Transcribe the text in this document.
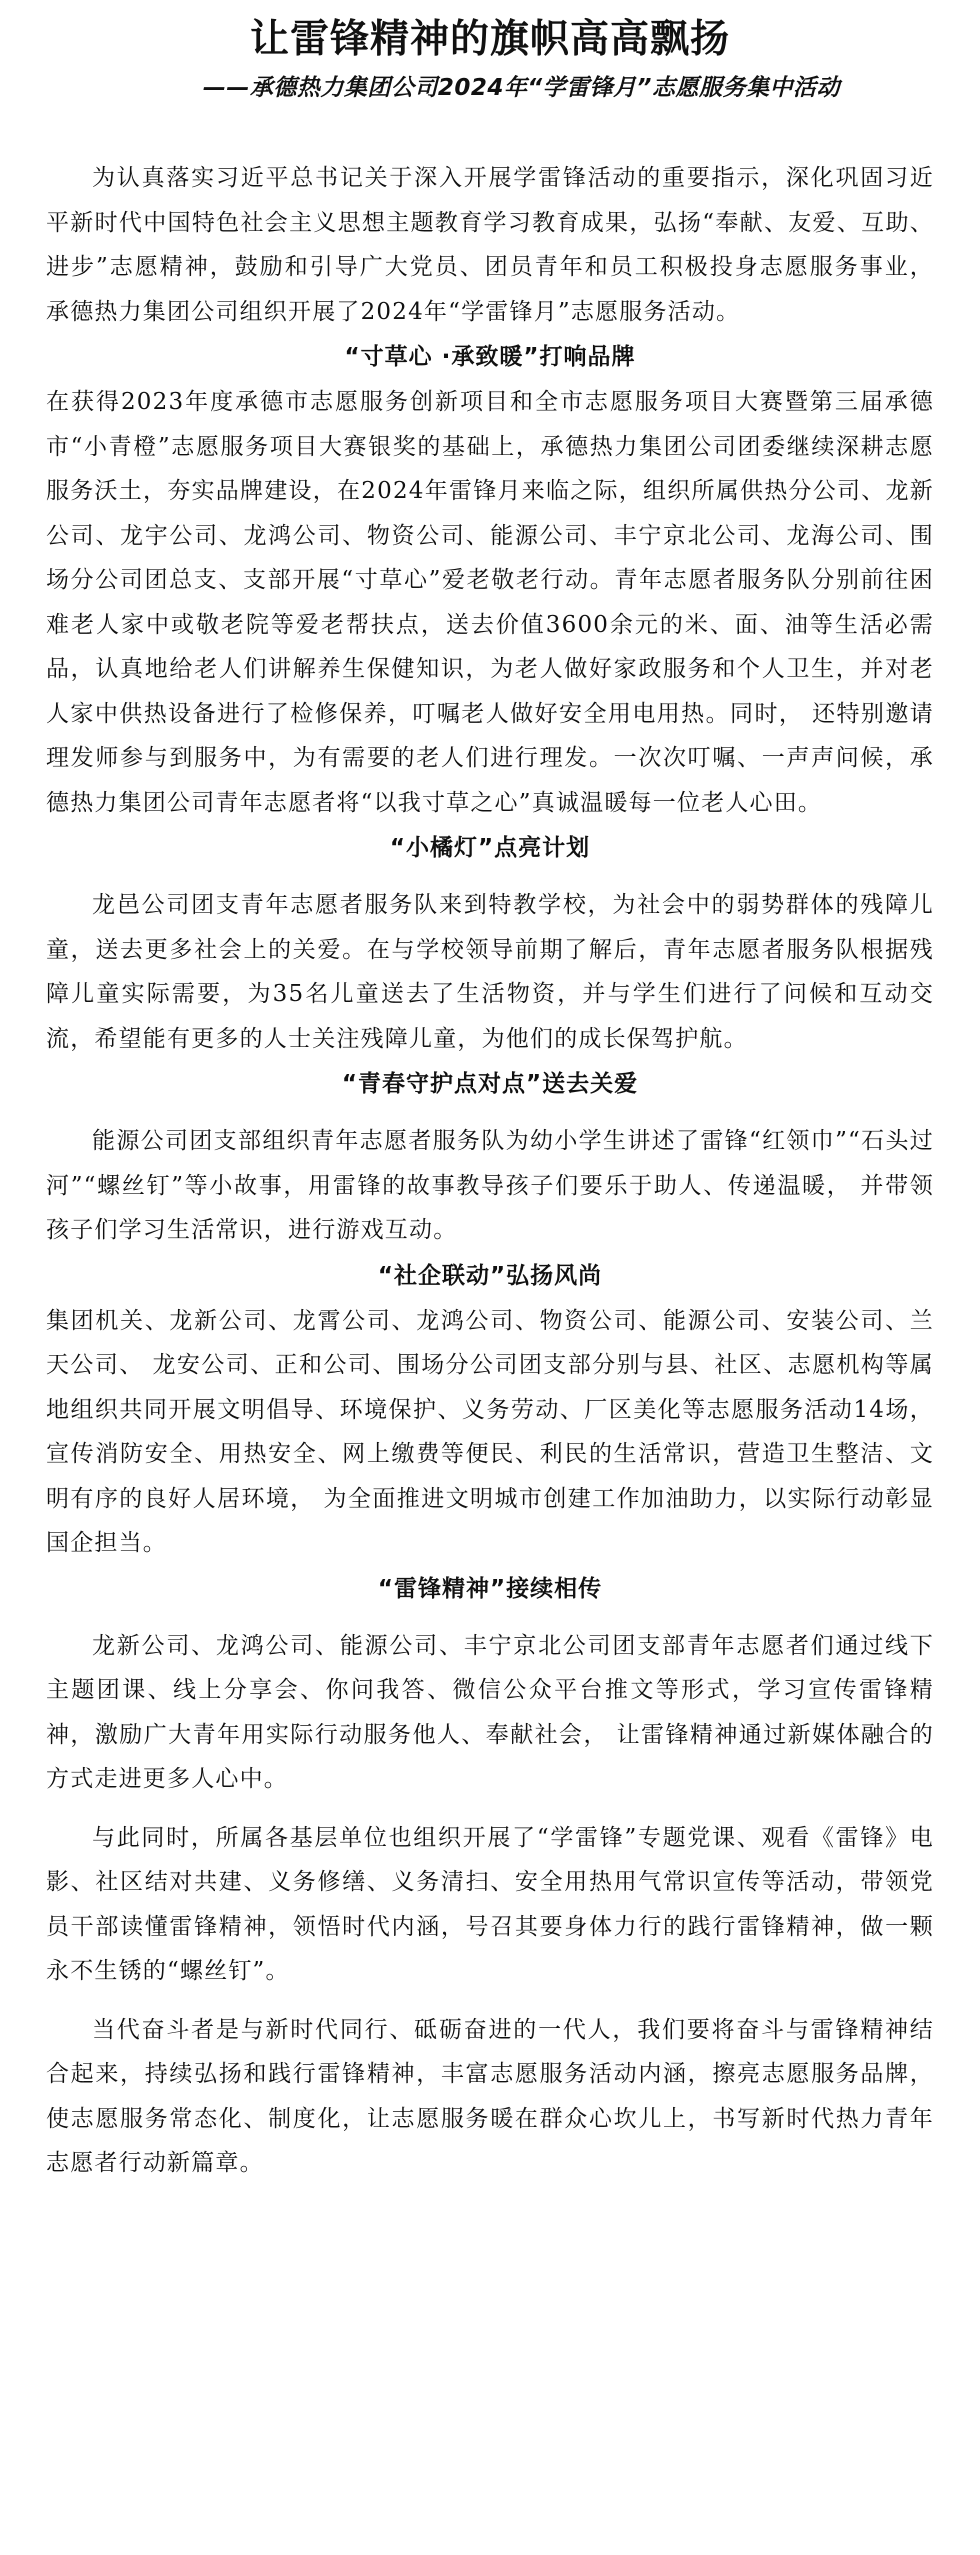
让雷锋精神的旗帜高高飘扬
——承德热力集团公司2024年“学雷锋月”志愿服务集中活动

为认真落实习近平总书记关于深入开展学雷锋活动的重要指示，深化巩固习近平新时代中国特色社会主义思想主题教育学习教育成果，弘扬“奉献、友爱、互助、进步”志愿精神，鼓励和引导广大党员、团员青年和员工积极投身志愿服务事业， 承德热力集团公司组织开展了2024年“学雷锋月”志愿服务活动。

“寸草心 ·承致暖”打响品牌

在获得2023年度承德市志愿服务创新项目和全市志愿服务项目大赛暨第三届承德市“小青橙”志愿服务项目大赛银奖的基础上，承德热力集团公司团委继续深耕志愿服务沃土，夯实品牌建设，在2024年雷锋月来临之际，组织所属供热分公司、龙新公司、龙宇公司、龙鸿公司、物资公司、能源公司、丰宁京北公司、龙海公司、围场分公司团总支、支部开展“寸草心”爱老敬老行动。青年志愿者服务队分别前往困难老人家中或敬老院等爱老帮扶点，送去价值3600余元的米、面、油等生活必需品，认真地给老人们讲解养生保健知识，为老人做好家政服务和个人卫生，并对老人家中供热设备进行了检修保养，叮嘱老人做好安全用电用热。同时， 还特别邀请理发师参与到服务中，为有需要的老人们进行理发。一次次叮嘱、一声声问候，承德热力集团公司青年志愿者将“以我寸草之心”真诚温暖每一位老人心田。

“小橘灯”点亮计划

龙邑公司团支青年志愿者服务队来到特教学校，为社会中的弱势群体的残障儿童，送去更多社会上的关爱。在与学校领导前期了解后，青年志愿者服务队根据残障儿童实际需要，为35名儿童送去了生活物资，并与学生们进行了问候和互动交流，希望能有更多的人士关注残障儿童，为他们的成长保驾护航。

“青春守护点对点”送去关爱

能源公司团支部组织青年志愿者服务队为幼小学生讲述了雷锋“红领巾”“石头过河”“螺丝钉”等小故事，用雷锋的故事教导孩子们要乐于助人、传递温暖， 并带领孩子们学习生活常识，进行游戏互动。

“社企联动”弘扬风尚

集团机关、龙新公司、龙霄公司、龙鸿公司、物资公司、能源公司、安装公司、兰天公司、 龙安公司、正和公司、围场分公司团支部分别与县、社区、志愿机构等属地组织共同开展文明倡导、环境保护、义务劳动、厂区美化等志愿服务活动14场，宣传消防安全、用热安全、网上缴费等便民、利民的生活常识，营造卫生整洁、文明有序的良好人居环境， 为全面推进文明城市创建工作加油助力，以实际行动彰显国企担当。

“雷锋精神”接续相传

龙新公司、龙鸿公司、能源公司、丰宁京北公司团支部青年志愿者们通过线下主题团课、线上分享会、你问我答、微信公众平台推文等形式，学习宣传雷锋精神，激励广大青年用实际行动服务他人、奉献社会， 让雷锋精神通过新媒体融合的方式走进更多人心中。

与此同时，所属各基层单位也组织开展了“学雷锋”专题党课、观看《雷锋》电影、社区结对共建、义务修缮、义务清扫、安全用热用气常识宣传等活动，带领党员干部读懂雷锋精神，领悟时代内涵，号召其要身体力行的践行雷锋精神，做一颗永不生锈的“螺丝钉”。

当代奋斗者是与新时代同行、砥砺奋进的一代人，我们要将奋斗与雷锋精神结合起来，持续弘扬和践行雷锋精神，丰富志愿服务活动内涵，擦亮志愿服务品牌，使志愿服务常态化、制度化，让志愿服务暖在群众心坎儿上，书写新时代热力青年志愿者行动新篇章。
